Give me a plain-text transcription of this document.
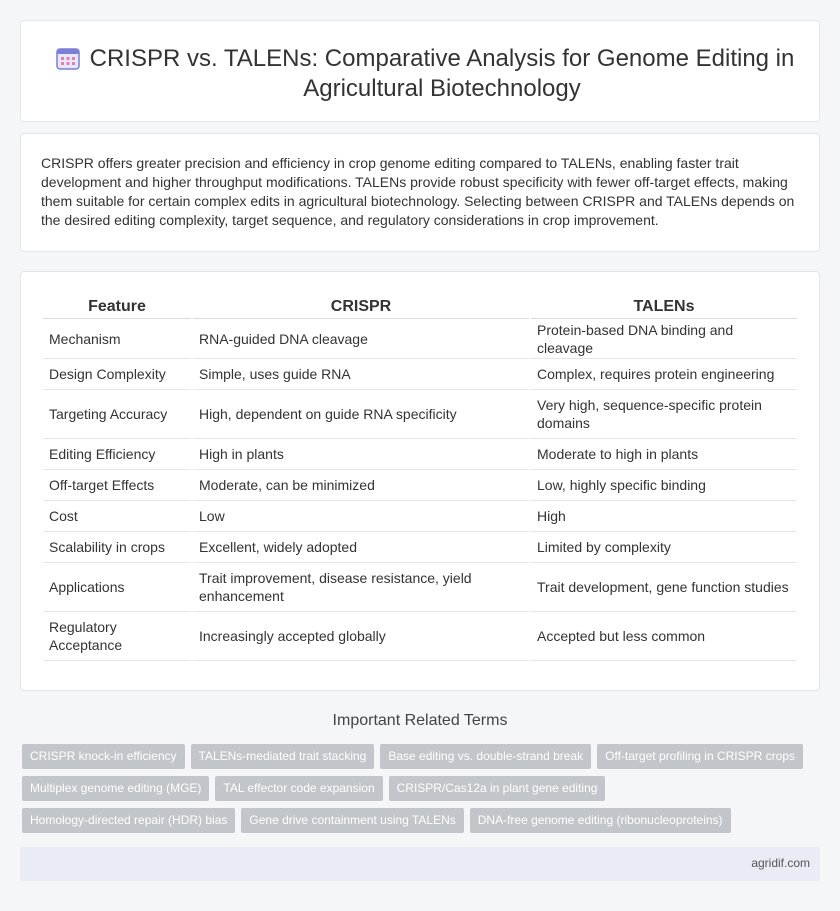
CRISPR vs. TALENs: Comparative Analysis for Genome Editing in Agricultural Biotechnology

CRISPR offers greater precision and efficiency in crop genome editing compared to TALENs, enabling faster trait development and higher throughput modifications. TALENs provide robust specificity with fewer off-target effects, making them suitable for certain complex edits in agricultural biotechnology. Selecting between CRISPR and TALENs depends on the desired editing complexity, target sequence, and regulatory considerations in crop improvement.

Feature	CRISPR	TALENs
Mechanism	RNA-guided DNA cleavage	Protein-based DNA binding and cleavage
Design Complexity	Simple, uses guide RNA	Complex, requires protein engineering
Targeting Accuracy	High, dependent on guide RNA specificity	Very high, sequence-specific protein domains
Editing Efficiency	High in plants	Moderate to high in plants
Off-target Effects	Moderate, can be minimized	Low, highly specific binding
Cost	Low	High
Scalability in crops	Excellent, widely adopted	Limited by complexity
Applications	Trait improvement, disease resistance, yield enhancement	Trait development, gene function studies
Regulatory Acceptance	Increasingly accepted globally	Accepted but less common
Important Related Terms
CRISPR knock-in efficiency	TALENs-mediated trait stacking	Base editing vs. double-strand break	Off-target profiling in CRISPR crops
Multiplex genome editing (MGE)	TAL effector code expansion	CRISPR/Cas12a in plant gene editing
Homology-directed repair (HDR) bias	Gene drive containment using TALENs	DNA-free genome editing (ribonucleoproteins)
agridif.com
